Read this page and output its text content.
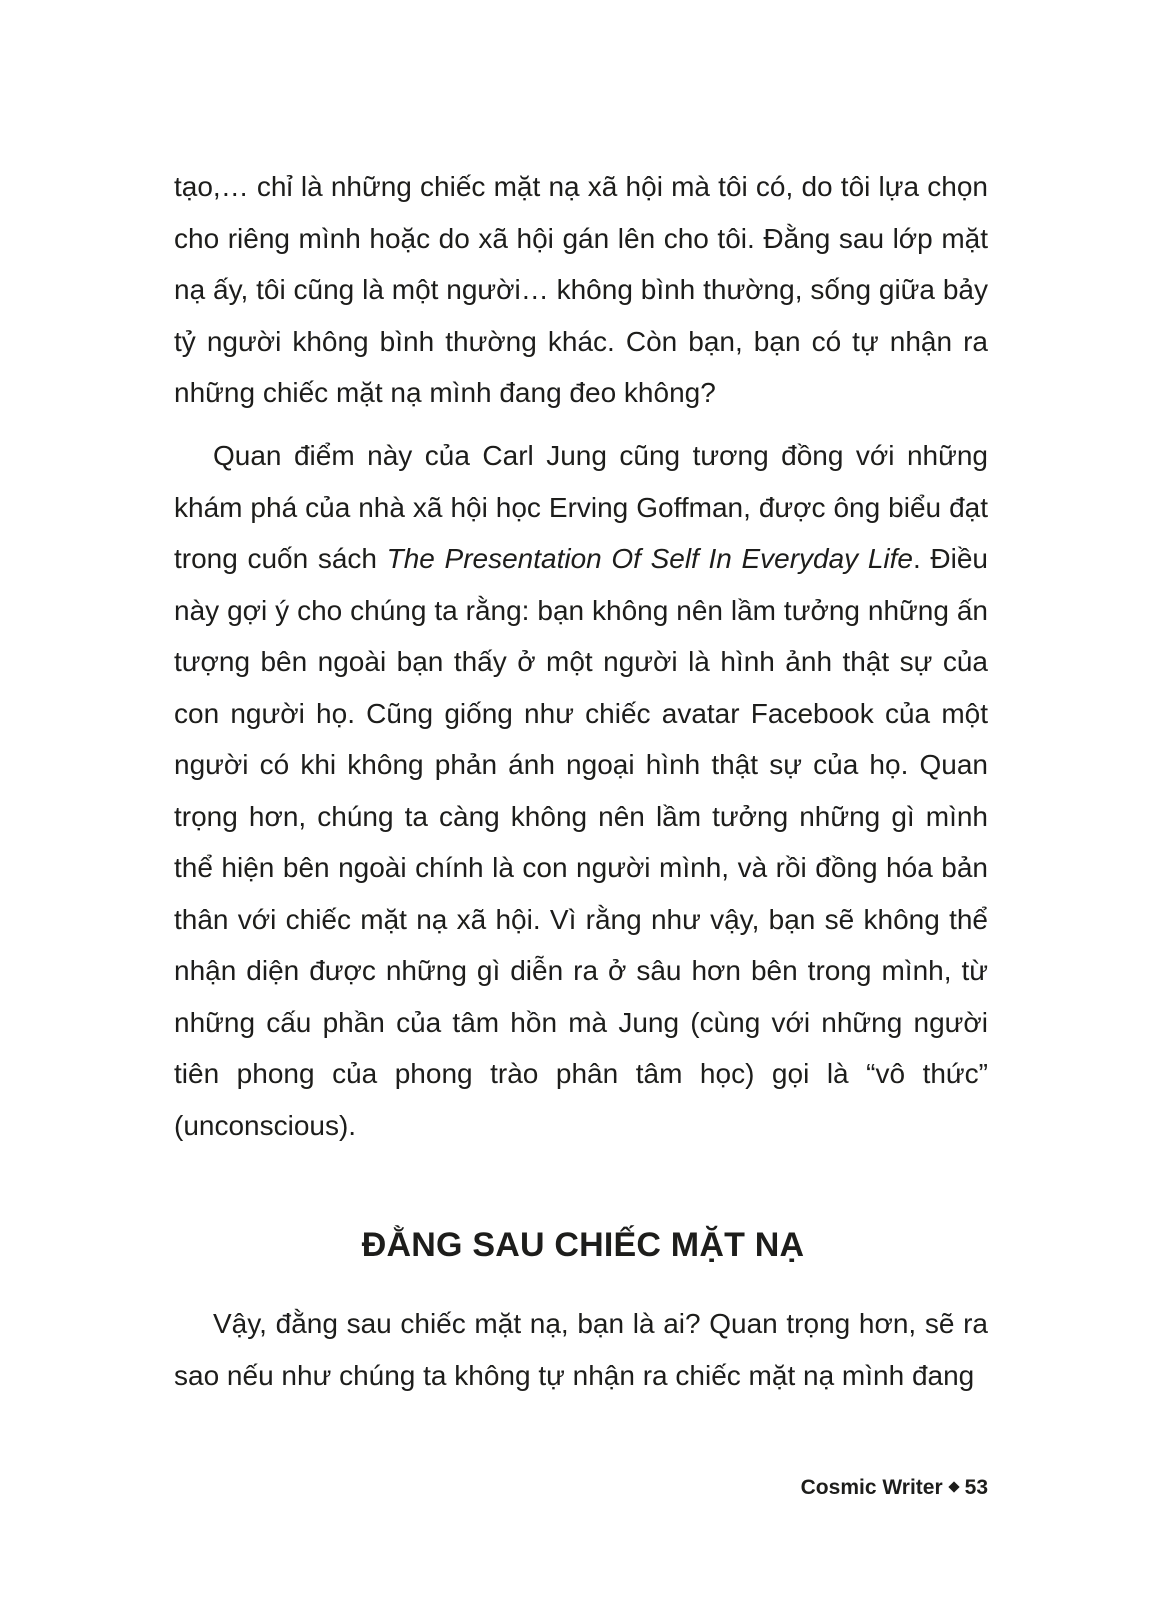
tạo,… chỉ là những chiếc mặt nạ xã hội mà tôi có, do tôi lựa chọn cho riêng mình hoặc do xã hội gán lên cho tôi. Đằng sau lớp mặt nạ ấy, tôi cũng là một người… không bình thường, sống giữa bảy tỷ người không bình thường khác. Còn bạn, bạn có tự nhận ra những chiếc mặt nạ mình đang đeo không?

Quan điểm này của Carl Jung cũng tương đồng với những khám phá của nhà xã hội học Erving Goffman, được ông biểu đạt trong cuốn sách The Presentation Of Self In Everyday Life. Điều này gợi ý cho chúng ta rằng: bạn không nên lầm tưởng những ấn tượng bên ngoài bạn thấy ở một người là hình ảnh thật sự của con người họ. Cũng giống như chiếc avatar Facebook của một người có khi không phản ánh ngoại hình thật sự của họ. Quan trọng hơn, chúng ta càng không nên lầm tưởng những gì mình thể hiện bên ngoài chính là con người mình, và rồi đồng hóa bản thân với chiếc mặt nạ xã hội. Vì rằng như vậy, bạn sẽ không thể nhận diện được những gì diễn ra ở sâu hơn bên trong mình, từ những cấu phần của tâm hồn mà Jung (cùng với những người tiên phong của phong trào phân tâm học) gọi là “vô thức” (unconscious).

ĐẰNG SAU CHIẾC MẶT NẠ

Vậy, đằng sau chiếc mặt nạ, bạn là ai? Quan trọng hơn, sẽ ra sao nếu như chúng ta không tự nhận ra chiếc mặt nạ mình đang

Cosmic Writer 53
